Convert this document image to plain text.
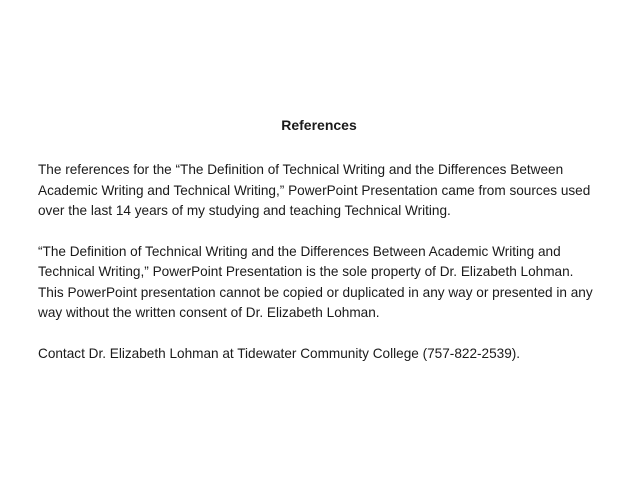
References

The references for the “The Definition of Technical Writing and the Differences Between Academic Writing and Technical Writing,” PowerPoint Presentation came from sources used over the last 14 years of my studying and teaching Technical Writing.

“The Definition of Technical Writing and the Differences Between Academic Writing and Technical Writing,” PowerPoint Presentation is the sole property of Dr. Elizabeth Lohman. This PowerPoint presentation cannot be copied or duplicated in any way or presented in any way without the written consent of Dr. Elizabeth Lohman.

Contact Dr. Elizabeth Lohman at Tidewater Community College (757-822-2539).
